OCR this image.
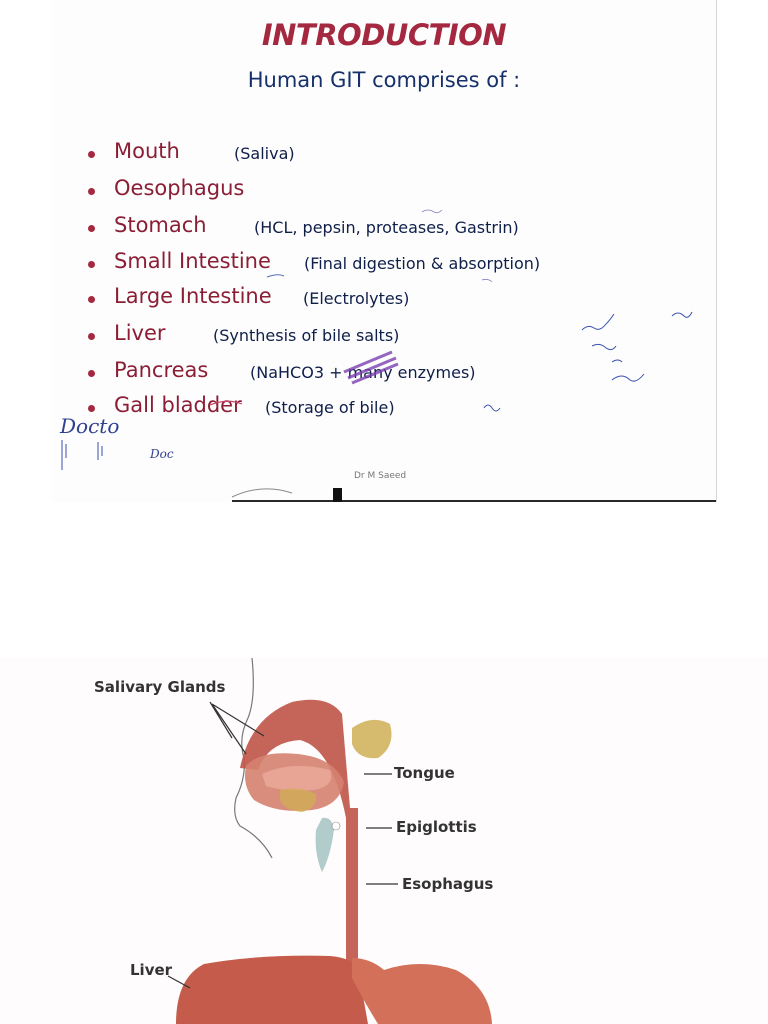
INTRODUCTION
Human GIT comprises of :
Mouth	(Saliva)
Oesophagus
Stomach	(HCL, pepsin, proteases, Gastrin)
Small Intestine (Final digestion & absorption)
Large Intestine (Electrolytes)
Liver	(Synthesis of bile salts)
Pancreas	(NaHCO3 + many enzymes)
Gall bladder (Storage of bile)
Docto
Doc
Dr M Saeed
Salivary Glands
Tongue
Epiglottis
Esophagus
Liver
